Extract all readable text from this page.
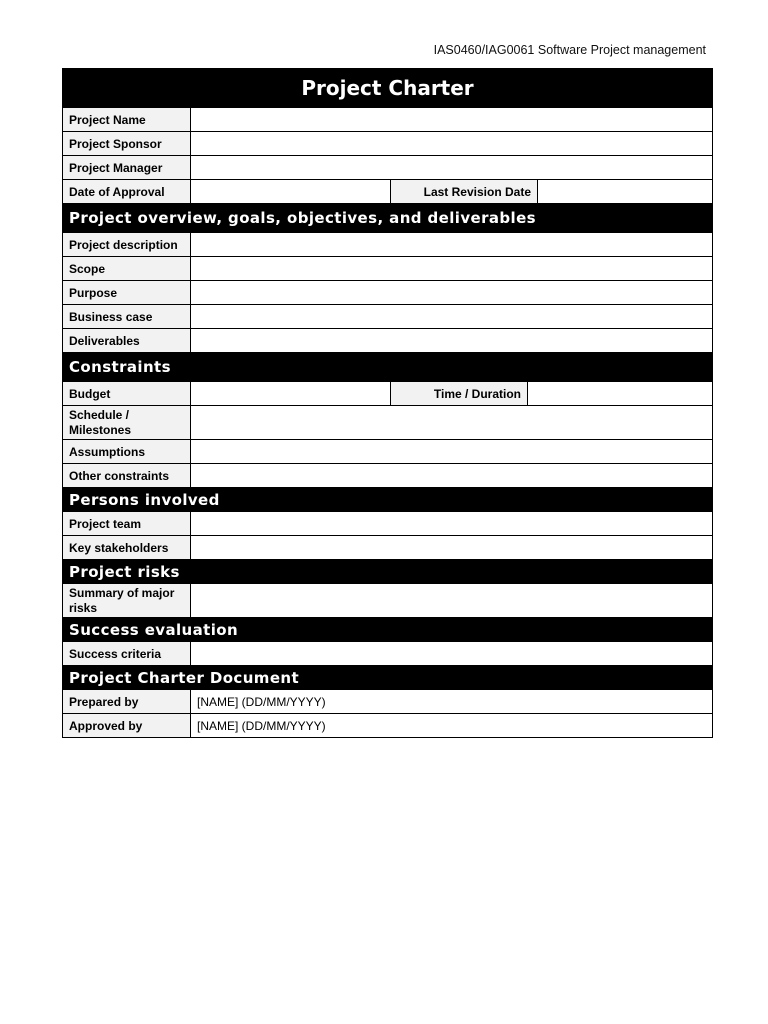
IAS0460/IAG0061 Software Project management
Project Charter				
Project Name				
Project Sponsor				
Project Manager				
Date of Approval		Last Revision Date		
Project overview, goals, objectives, and deliverables				
Project description				
Scope				
Purpose				
Business case				
Deliverables				
Constraints				
Budget		Time / Duration		
Schedule / Milestones				
Assumptions				
Other constraints				
Persons involved				
Project team				
Key stakeholders				
Project risks				
Summary of major risks				
Success evaluation				
Success criteria				
Project Charter Document				
Prepared by	[NAME] (DD/MM/YYYY)			
Approved by	[NAME] (DD/MM/YYYY)			
